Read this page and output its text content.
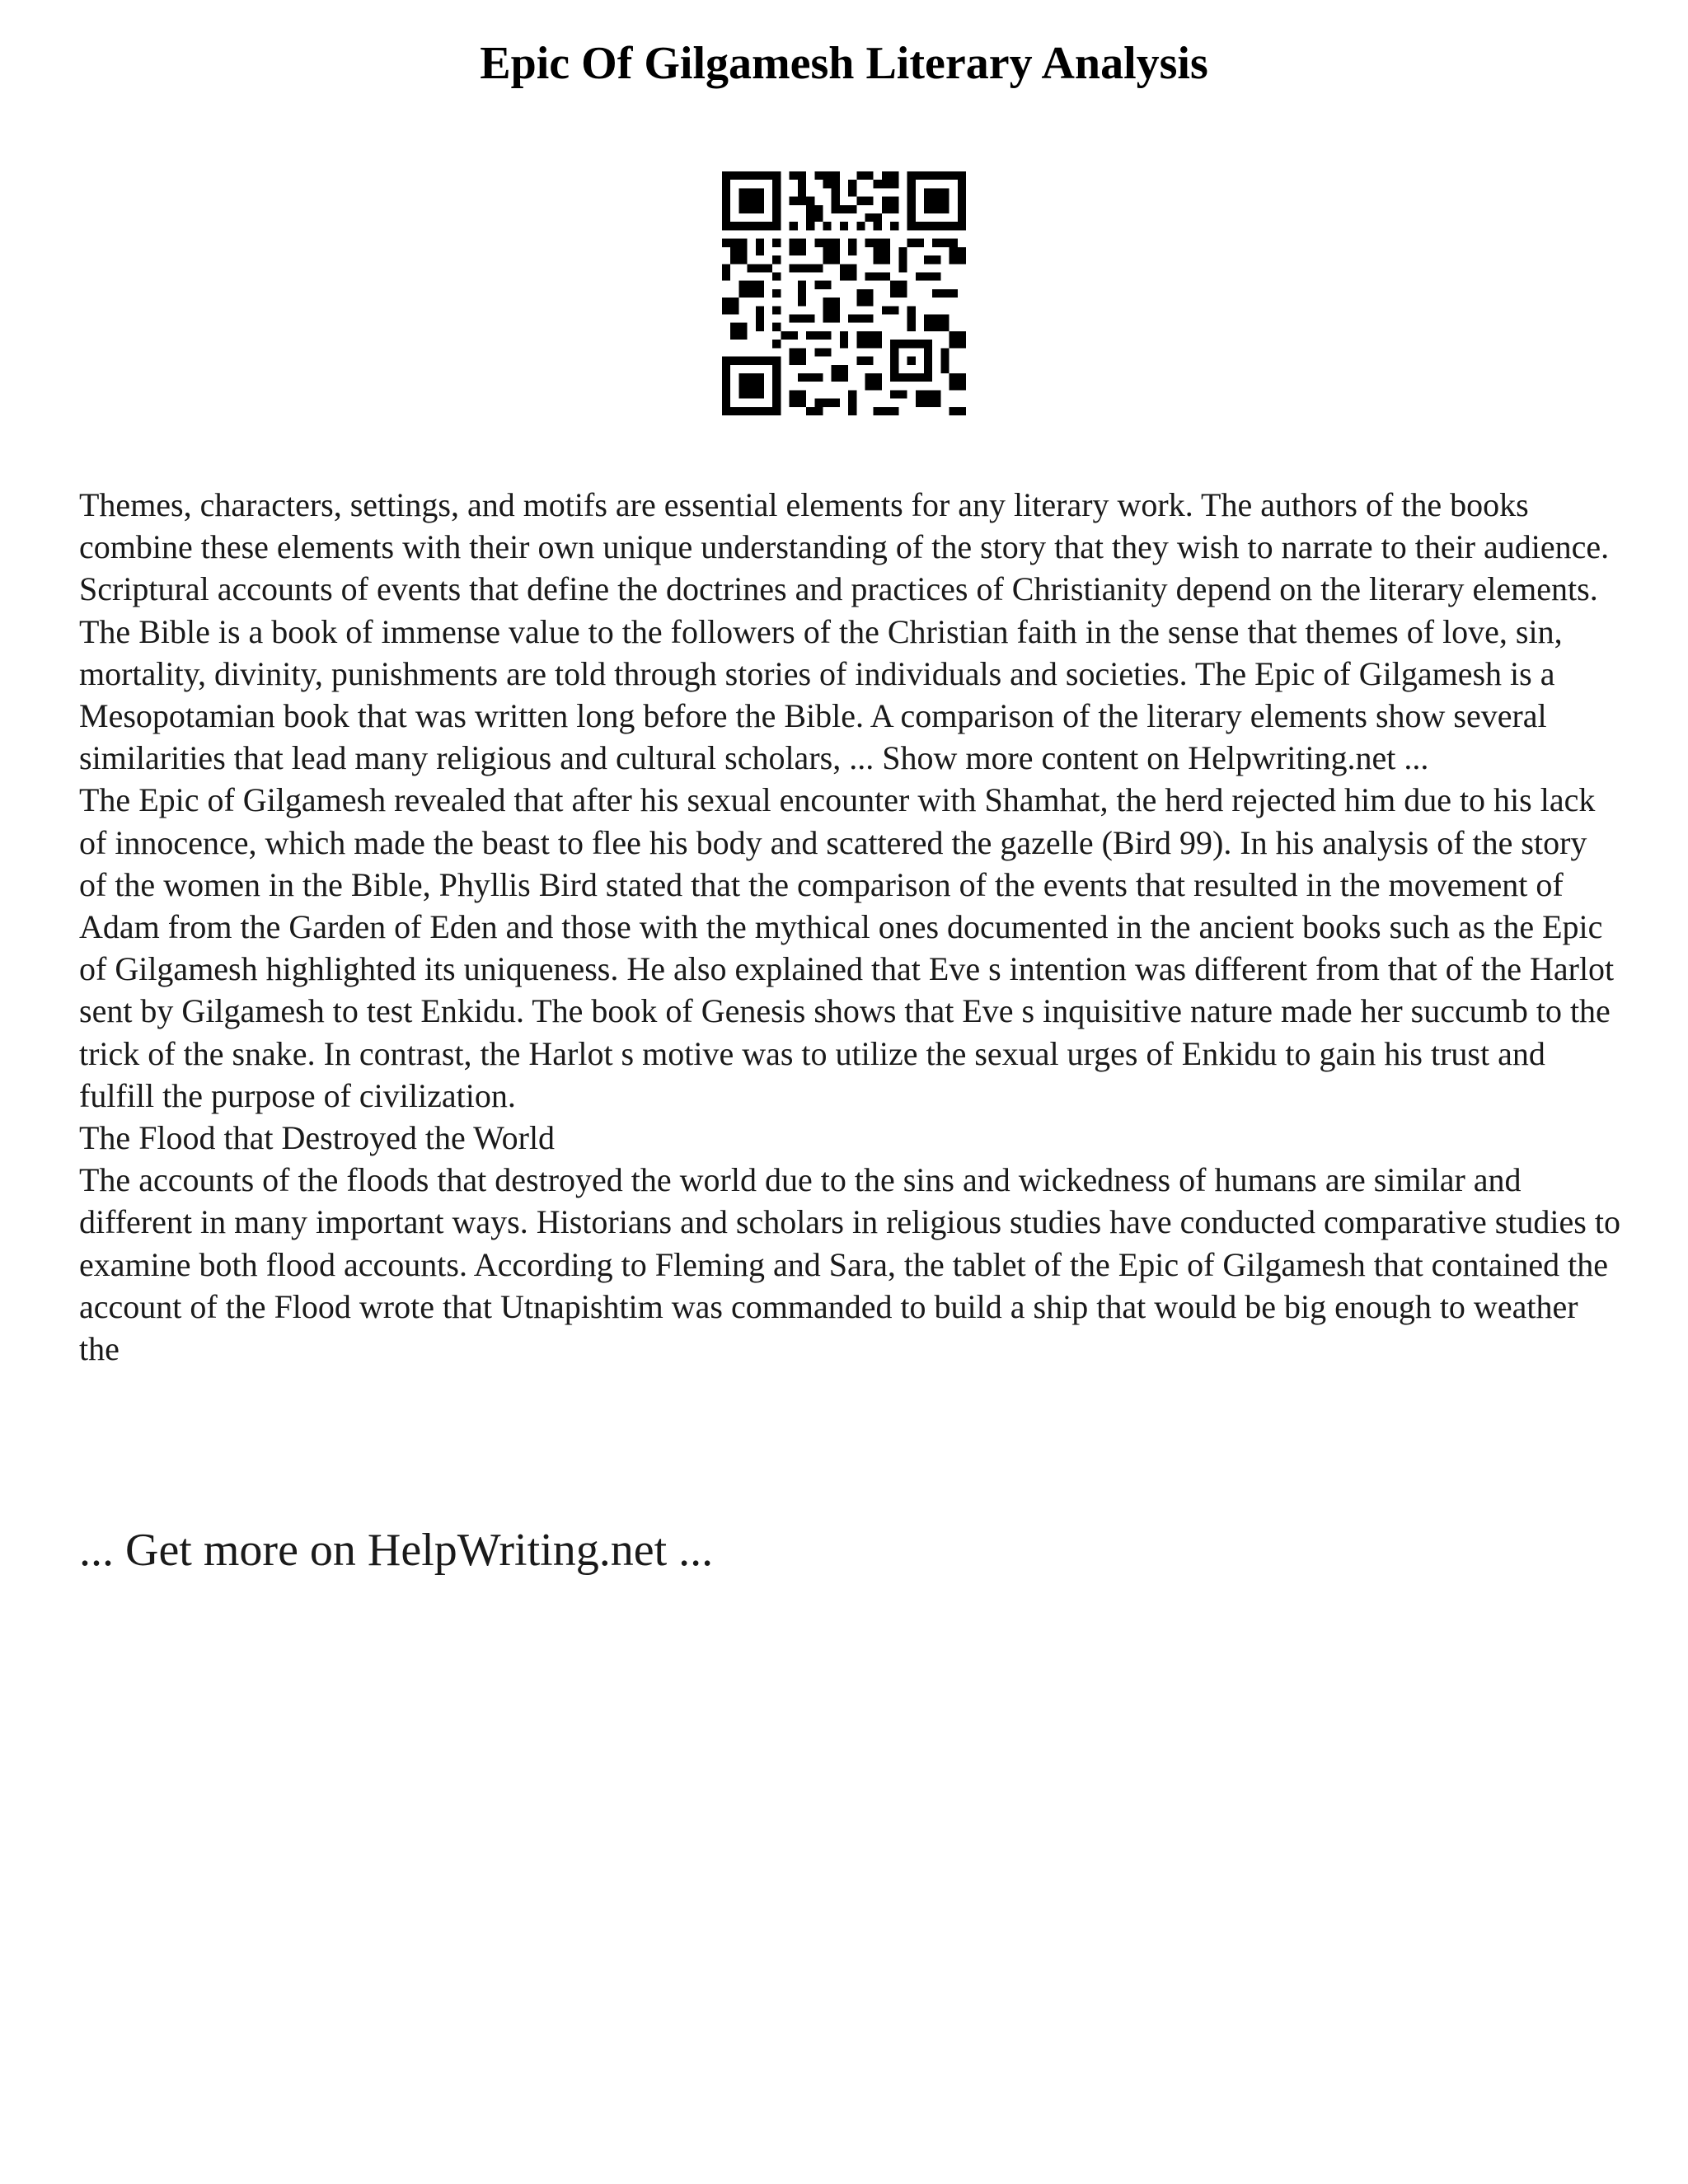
Epic Of Gilgamesh Literary Analysis

Themes, characters, settings, and motifs are essential elements for any literary work. The authors of the books combine these elements with their own unique understanding of the story that they wish to narrate to their audience. Scriptural accounts of events that define the doctrines and practices of Christianity depend on the literary elements. The Bible is a book of immense value to the followers of the Christian faith in the sense that themes of love, sin, mortality, divinity, punishments are told through stories of individuals and societies. The Epic of Gilgamesh is a Mesopotamian book that was written long before the Bible. A comparison of the literary elements show several similarities that lead many religious and cultural scholars, ... Show more content on Helpwriting.net ...

The Epic of Gilgamesh revealed that after his sexual encounter with Shamhat, the herd rejected him due to his lack of innocence, which made the beast to flee his body and scattered the gazelle (Bird 99). In his analysis of the story of the women in the Bible, Phyllis Bird stated that the comparison of the events that resulted in the movement of Adam from the Garden of Eden and those with the mythical ones documented in the ancient books such as the Epic of Gilgamesh highlighted its uniqueness. He also explained that Eve s intention was different from that of the Harlot sent by Gilgamesh to test Enkidu. The book of Genesis shows that Eve s inquisitive nature made her succumb to the trick of the snake. In contrast, the Harlot s motive was to utilize the sexual urges of Enkidu to gain his trust and fulfill the purpose of civilization.

The Flood that Destroyed the World

The accounts of the floods that destroyed the world due to the sins and wickedness of humans are similar and different in many important ways. Historians and scholars in religious studies have conducted comparative studies to examine both flood accounts. According to Fleming and Sara, the tablet of the Epic of Gilgamesh that contained the account of the Flood wrote that Utnapishtim was commanded to build a ship that would be big enough to weather the

... Get more on HelpWriting.net ...
